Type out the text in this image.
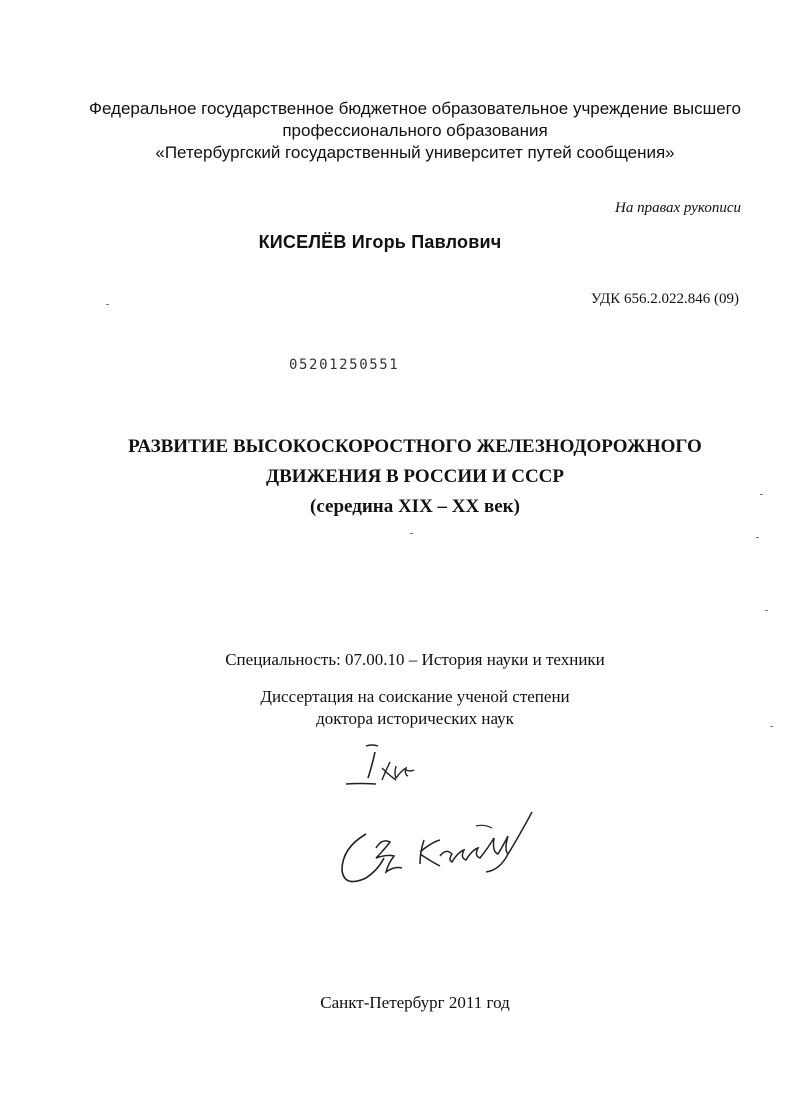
Федеральное государственное бюджетное образовательное учреждение высшего
профессионального образования
«Петербургский государственный университет путей сообщения»
На правах рукописи
КИСЕЛЁВ Игорь Павлович
УДК 656.2.022.846 (09)
05201250551
РАЗВИТИЕ ВЫСОКОСКОРОСТНОГО ЖЕЛЕЗНОДОРОЖНОГО
ДВИЖЕНИЯ В РОССИИ И СССР
(середина XIX – XX век)
Специальность: 07.00.10 – История науки и техники
Диссертация на соискание ученой степени
доктора исторических наук
Санкт-Петербург 2011 год
